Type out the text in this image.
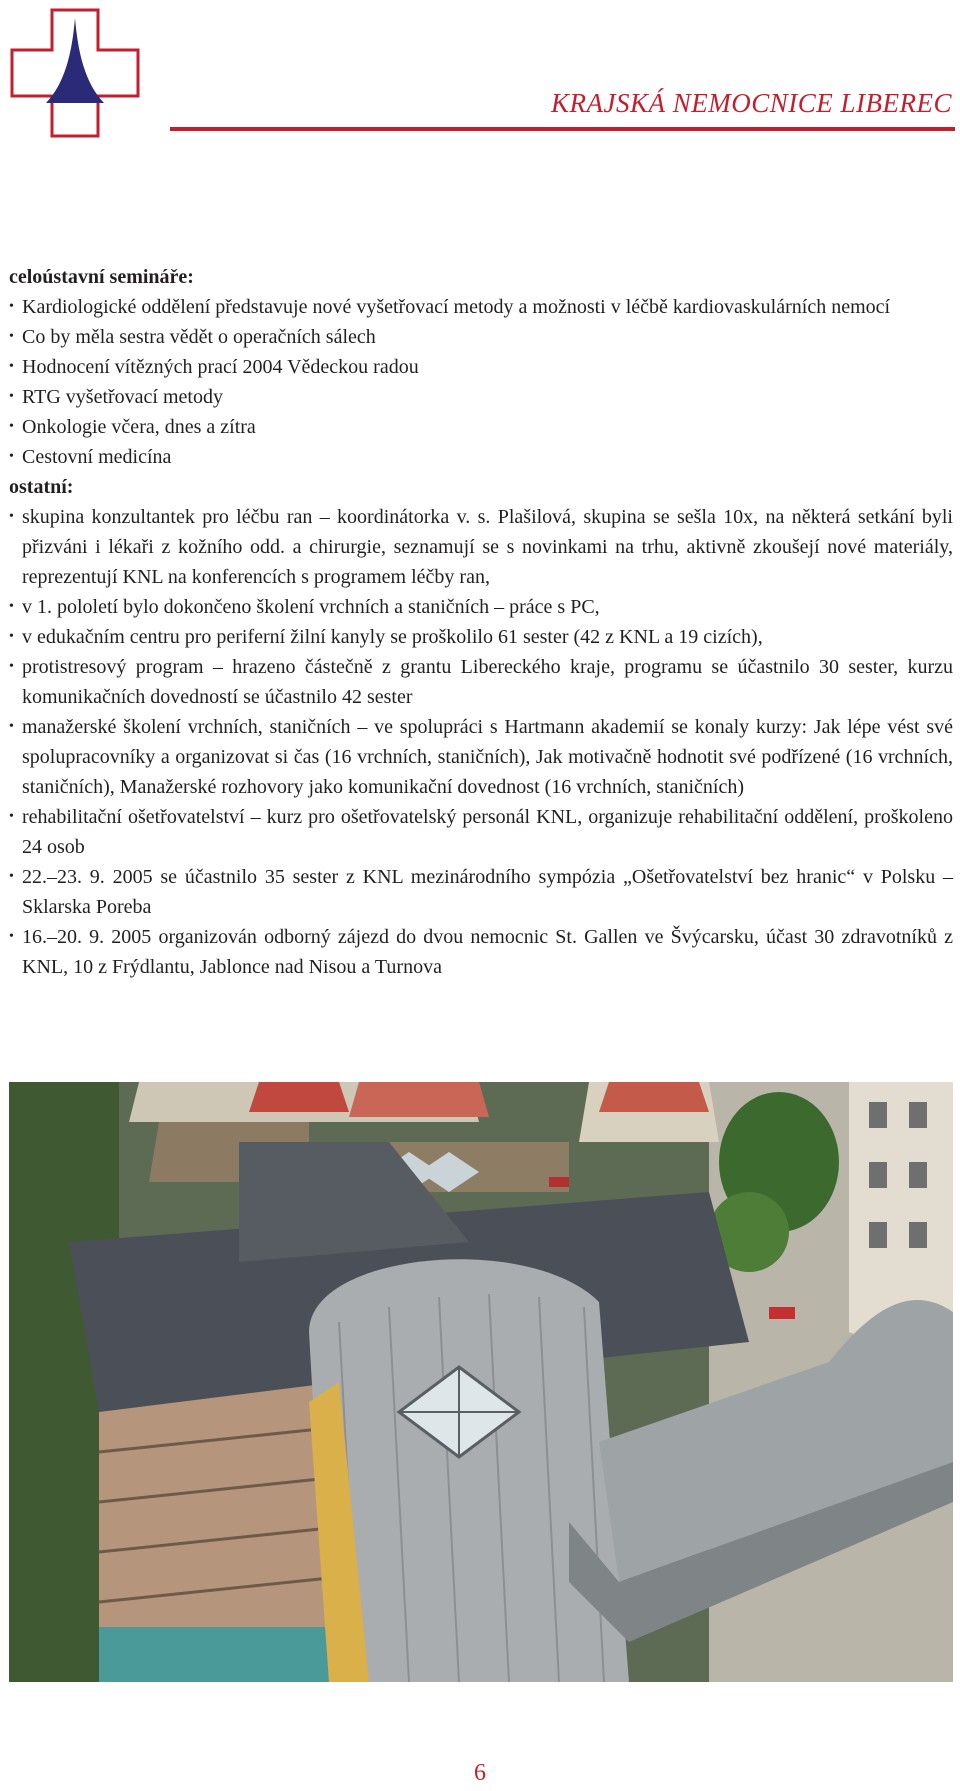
KRAJSKÁ NEMOCNICE LIBEREC

celoústavní semináře:
• Kardiologické oddělení představuje nové vyšetřovací metody a možnosti v léčbě kardiovaskulárních nemocí
• Co by měla sestra vědět o operačních sálech
• Hodnocení vítězných prací 2004 Vědeckou radou
• RTG vyšetřovací metody
• Onkologie včera, dnes a zítra
• Cestovní medicína
ostatní:
• skupina konzultantek pro léčbu ran – koordinátorka v. s. Plašilová, skupina se sešla 10x, na některá setkání byli přizváni i lékaři z kožního odd. a chirurgie, seznamují se s novinkami na trhu, aktivně zkoušejí nové materiály, reprezentují KNL na konferencích s programem léčby ran,
• v 1. pololetí bylo dokončeno školení vrchních a staničních – práce s PC,
• v edukačním centru pro periferní žilní kanyly se proškolilo 61 sester (42 z KNL a 19 cizích),
• protistresový program – hrazeno částečně z grantu Libereckého kraje, programu se účastnilo 30 sester, kurzu komunikačních dovedností se účastnilo 42 sester
• manažerské školení vrchních, staničních – ve spolupráci s Hartmann akademií se konaly kurzy: Jak lépe vést své spolupracovníky a organizovat si čas (16 vrchních, staničních), Jak motivačně hodnotit své podřízené (16 vrchních, staničních), Manažerské rozhovory jako komunikační dovednost (16 vrchních, staničních)
• rehabilitační ošetřovatelství – kurz pro ošetřovatelský personál KNL, organizuje rehabilitační oddělení, proškoleno 24 osob
• 22.–23. 9. 2005 se účastnilo 35 sester z KNL mezinárodního sympózia „Ošetřovatelství bez hranic“ v Polsku – Sklarska Poreba
• 16.–20. 9. 2005 organizován odborný zájezd do dvou nemocnic St. Gallen ve Švýcarsku, účast 30 zdravotníků z KNL, 10 z Frýdlantu, Jablonce nad Nisou a Turnova
6
